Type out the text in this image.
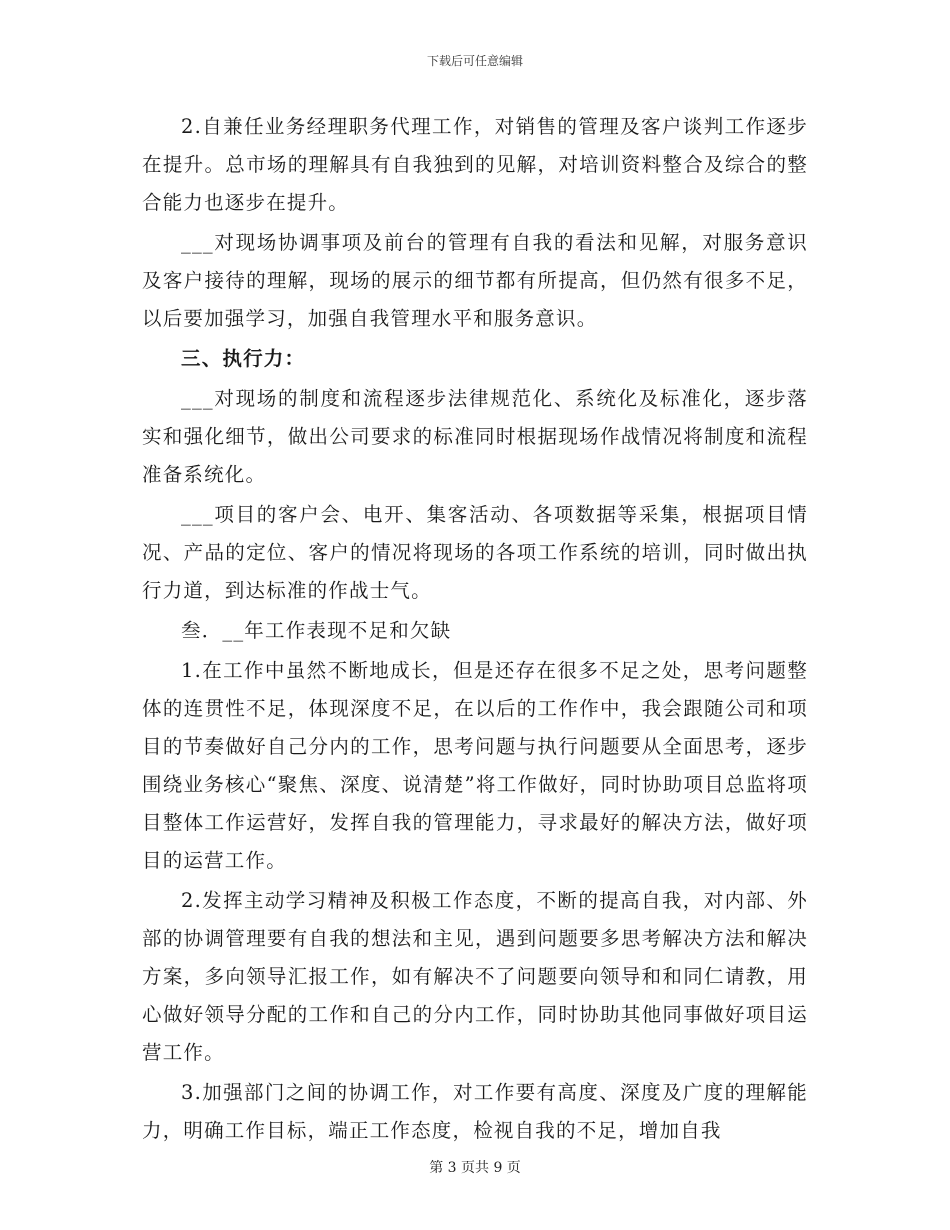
下载后可任意编辑

2.自兼任业务经理职务代理工作，对销售的管理及客户谈判工作逐步在提升。总市场的理解具有自我独到的见解，对培训资料整合及综合的整合能力也逐步在提升。

___对现场协调事项及前台的管理有自我的看法和见解，对服务意识及客户接待的理解，现场的展示的细节都有所提高，但仍然有很多不足，以后要加强学习，加强自我管理水平和服务意识。

三、执行力：

___对现场的制度和流程逐步法律规范化、系统化及标准化，逐步落实和强化细节，做出公司要求的标准同时根据现场作战情况将制度和流程准备系统化。

___项目的客户会、电开、集客活动、各项数据等采集，根据项目情况、产品的定位、客户的情况将现场的各项工作系统的培训，同时做出执行力道，到达标准的作战士气。

叁．__年工作表现不足和欠缺

1.在工作中虽然不断地成长，但是还存在很多不足之处，思考问题整体的连贯性不足，体现深度不足，在以后的工作作中，我会跟随公司和项目的节奏做好自己分内的工作，思考问题与执行问题要从全面思考，逐步围绕业务核心“聚焦、深度、说清楚”将工作做好，同时协助项目总监将项目整体工作运营好，发挥自我的管理能力，寻求最好的解决方法，做好项目的运营工作。

2.发挥主动学习精神及积极工作态度，不断的提高自我，对内部、外部的协调管理要有自我的想法和主见，遇到问题要多思考解决方法和解决方案，多向领导汇报工作，如有解决不了问题要向领导和和同仁请教，用心做好领导分配的工作和自己的分内工作，同时协助其他同事做好项目运营工作。

3.加强部门之间的协调工作，对工作要有高度、深度及广度的理解能力，明确工作目标，端正工作态度，检视自我的不足，增加自我

第 3 页共 9 页
